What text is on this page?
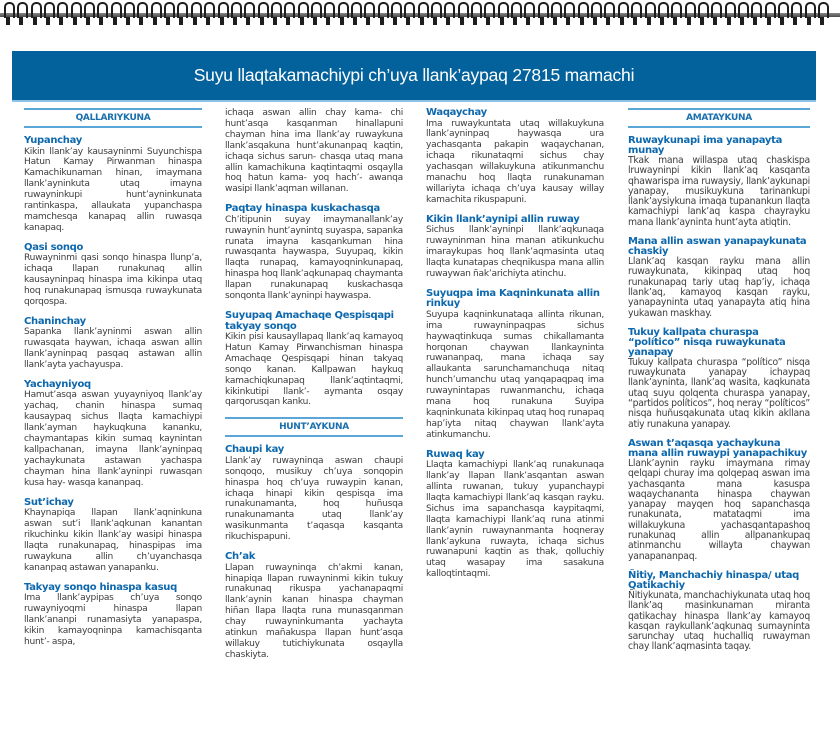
Suyu llaqtakamachiypi ch’uya llank’aypaq 27815 mamachi
QALLARIYKUNA
Yupanchay

Kikin llank’ay kausayninmi Suyunchispa Hatun Kamay Pirwanman hinaspa Kamachikunaman hinan, imaymana llank’ayninkuta utaq imayna ruwayninkupi hunt’ayninkunata rantinkaspa, allaukata yupanchaspa mamchesqa kanapaq allin ruwasqa kanapaq.

Qasi sonqo

Ruwayninmi qasi sonqo hinaspa llunp’a, ichaqa llapan runakunaq allin kausayninpaq hinaspa ima kikinpa utaq hoq runakunapaq ismusqa ruwaykunata qorqospa.

Chaninchay

Sapanka llank’ayninmi aswan allin ruwasqata haywan, ichaqa aswan allin llank’ayninpaq pasqaq astawan allin llank’ayta yachayuspa.

Yachayniyoq

Hamut’asqa aswan yuyayniyoq llank’ay yachaq, chanin hinaspa sumaq kausaypaq sichus llaqta kamachiypi llank’ayman haykuqkuna kananku, chaymantapas kikin sumaq kaynintan kallpachanan, imayna llank’ayninpaq yachaykunata astawan yachaspa chayman hina llank’ayninpi ruwasqan kusa hay- wasqa kananpaq.

Sut’ichay

Khaynapiqa llapan llank’aqninkuna aswan sut’i llank’aqkunan kanantan rikuchinku kikin llank’ay wasipi hinaspa llaqta runakunapaq, hinaspipas ima ruwaykuna allin ch’uyanchasqa kananpaq astawan yanapanku.

Takyay sonqo hinaspa kasuq

Ima llank’aypipas ch’uya sonqo ruwayniyoqmi hinaspa llapan llank’ananpi runamasiyta yanapaspa, kikin kamayoqninpa kamachisqanta hunt’- aspa,

ichaqa aswan allin chay kama- chi hunt’asqa kasqanman hinallapuni chayman hina ima llank’ay ruwaykuna llank’asqakuna hunt’akunanpaq kaqtin, ichaqa sichus sarun- chasqa utaq mana allin kamachikuna kaqtintaqmi osqaylla hoq hatun kama- yoq hach’- awanqa wasipi llank’aqman willanan.

Paqtay hinaspa kuskachasqa

Ch’itipunin suyay imaymanallank’ay ruwaynin hunt’aynintq suyaspa, sapanka runata imayna kasqankuman hina ruwasqanta haywaspa, Suyupaq, kikin llaqta runapaq, kamayoqninkunapaq, hinaspa hoq llank’aqkunapaq chaymanta llapan runakunapaq kuskachasqa sonqonta llank’ayninpi haywaspa.

Suyupaq Amachaqe Qespisqapi takyay sonqo

Kikin pisi kausayllapaq llank’aq kamayoq Hatun Kamay Pirwanchisman hinaspa Amachaqe Qespisqapi hinan takyaq sonqo kanan. Kallpawan haykuq kamachiqkunapaq llank’aqtintaqmi, kikinkutipi llank’- aymanta osqay qarqorusqan kanku.

HUNT’AYKUNA
Chaupi kay

Llank’ay ruwayninqa aswan chaupi sonqoqo, musikuy ch’uya sonqopin hinaspa hoq ch’uya ruwaypin kanan, ichaqa hinapi kikin qespisqa ima runakunamanta, hoq huñusqa runakunamanta utaq llank’ay wasikunmanta t’aqasqa kasqanta rikuchispapuni.

Ch’ak

Llapan ruwayninqa ch’akmi kanan, hinapiqa llapan ruwayninmi kikin tukuy runakunaq rikuspa yachanapaqmi llank’aynin kanan hinaspa chayman hiñan llapa llaqta runa munasqanman chay ruwayninkumanta yachayta atinkun mañakuspa llapan hunt’asqa willakuy tutichiykunata osqaylla chaskiyta.

Waqaychay

Ima ruwaykuntata utaq willakuykuna llank’ayninpaq haywasqa ura yachasqanta pakapin waqaychanan, ichaqa rikunataqmi sichus chay yachasqan willakuykuna atikunmanchu manachu hoq llaqta runakunaman willariyta ichaqa ch’uya kausay willay kamachita rikuspapuni.

Kikin llank’aynipi allin ruway

Sichus llank’ayninpi llank’aqkunaqa ruwayninman hina manan atikunkuchu imaraykupas hoq llank’aqmasinta utaq llaqta kunatapas cheqnikuspa mana allin ruwaywan ñak’arichiyta atinchu.

Suyuqpa ima Kaqninkunata allin rinkuy

Suyupa kaqninkunataqa allinta rikunan, ima ruwayninpaqpas sichus haywaqtinkuqa sumas chikallamanta horqonan chaywan llankayninta ruwananpaq, mana ichaqa say allaukanta sarunchamanchuqa nitaq hunch’umanchu utaq yanqapaqpaq ima ruwaynintapas ruwanmanchu, ichaqa mana hoq runakuna Suyipa kaqninkunata kikinpaq utaq hoq runapaq hap’iyta nitaq chaywan llank’ayta atinkumanchu.

Ruwaq kay

Llaqta kamachiypi llank’aq runakunaqa llank’ay llapan llank’asqantan aswan allinta ruwanan, tukuy yupanchaypi llaqta kamachiypi llank’aq kasqan rayku. Sichus ima sapanchasqa kaypitaqmi, llaqta kamachiypi llank’aq runa atinmi llank’aynin ruwaynanmanta hoqneray llank’aykuna ruwayta, ichaqa sichus ruwanapuni kaqtin as thak, qolluchiy utaq wasapay ima sasakuna kalloqtintaqmi.

AMATAYKUNA
Ruwaykunapi ima yanapayta munay

Tkak mana willaspa utaq chaskispa lruwayninpi kikin llank’aq kasqanta qhawarispa ima ruwaysiy, llank’aykunapi yanapay, musikuykuna tarinankupi llank’aysiykuna imaqa tupanankun llaqta kamachiypi lank’aq kaspa chayrayku mana llank’ayninta hunt’ayta atiqtin.

Mana allin aswan yanapaykunata chaskiy

Llank’aq kasqan rayku mana allin ruwaykunata, kikinpaq utaq hoq runakunapaq tariy utaq hap’iy, ichaqa llank’aq, kamayoq kasqan rayku, yanapayninta utaq yanapayta atiq hina yukawan maskhay.

Tukuy kallpata churaspa “político” nisqa ruwaykunata yanapay

Tukuy kallpata churaspa “político” nisqa ruwaykunata yanapay ichaypaq llank’ayninta, llank’aq wasita, kaqkunata utaq suyu qolqenta churaspa yanapay, “partidos políticos”, hoq neray “políticos” nisqa huñusqakunata utaq kikin akllana atiy runakuna yanapay.

Aswan t’aqasqa yachaykuna mana allin ruwaypi yanapachikuy

Llank’aynin rayku imaymana rimay qelqapi churay ima qolqepaq aswan ima yachasqanta mana kasuspa waqaychananta hinaspa chaywan yanapay mayqen hoq sapanchasqa runakunata, matataqmi ima willakuykuna yachasqantapashoq runakunaq allin allpanankupaq atinmanchu willayta chaywan yanapananpaq.

Ñitiy, Manchachiy hinaspa/ utaq Qatikachiy

Ñitiykunata, manchachiykunata utaq hoq llank’aq masinkunaman miranta qatikachay hinaspa llank’ay kamayoq kasqan raykullank’aqkunaq sumayninta sarunchay utaq huchalliq ruwayman chay llank’aqmasinta taqay.
